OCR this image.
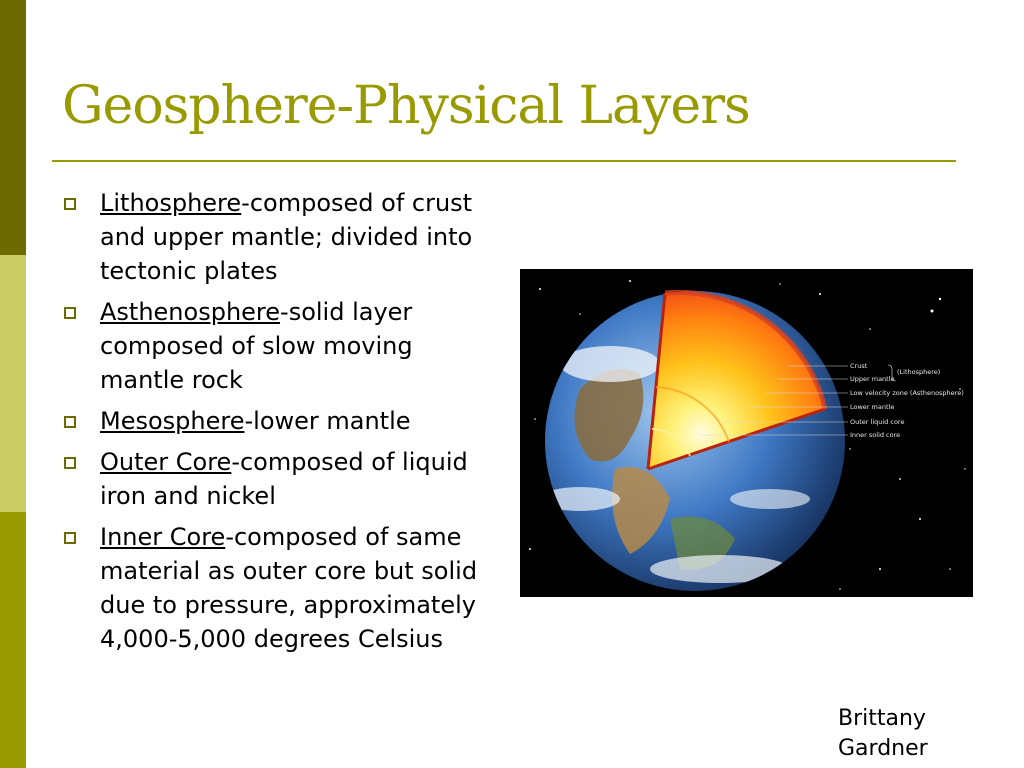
Geosphere-Physical Layers
Lithosphere-composed of crust and upper mantle; divided into tectonic plates
Asthenosphere-solid layer composed of slow moving mantle rock
Mesosphere-lower mantle
Outer Core-composed of liquid iron and nickel
Inner Core-composed of same material as outer core but solid due to pressure, approximately 4,000-5,000 degrees Celsius
Crust
Upper mantle
(Lithosphere)
Low velocity zone (Asthenosphere)
Lower mantle
Outer liquid core
Inner solid core
Brittany
Gardner
